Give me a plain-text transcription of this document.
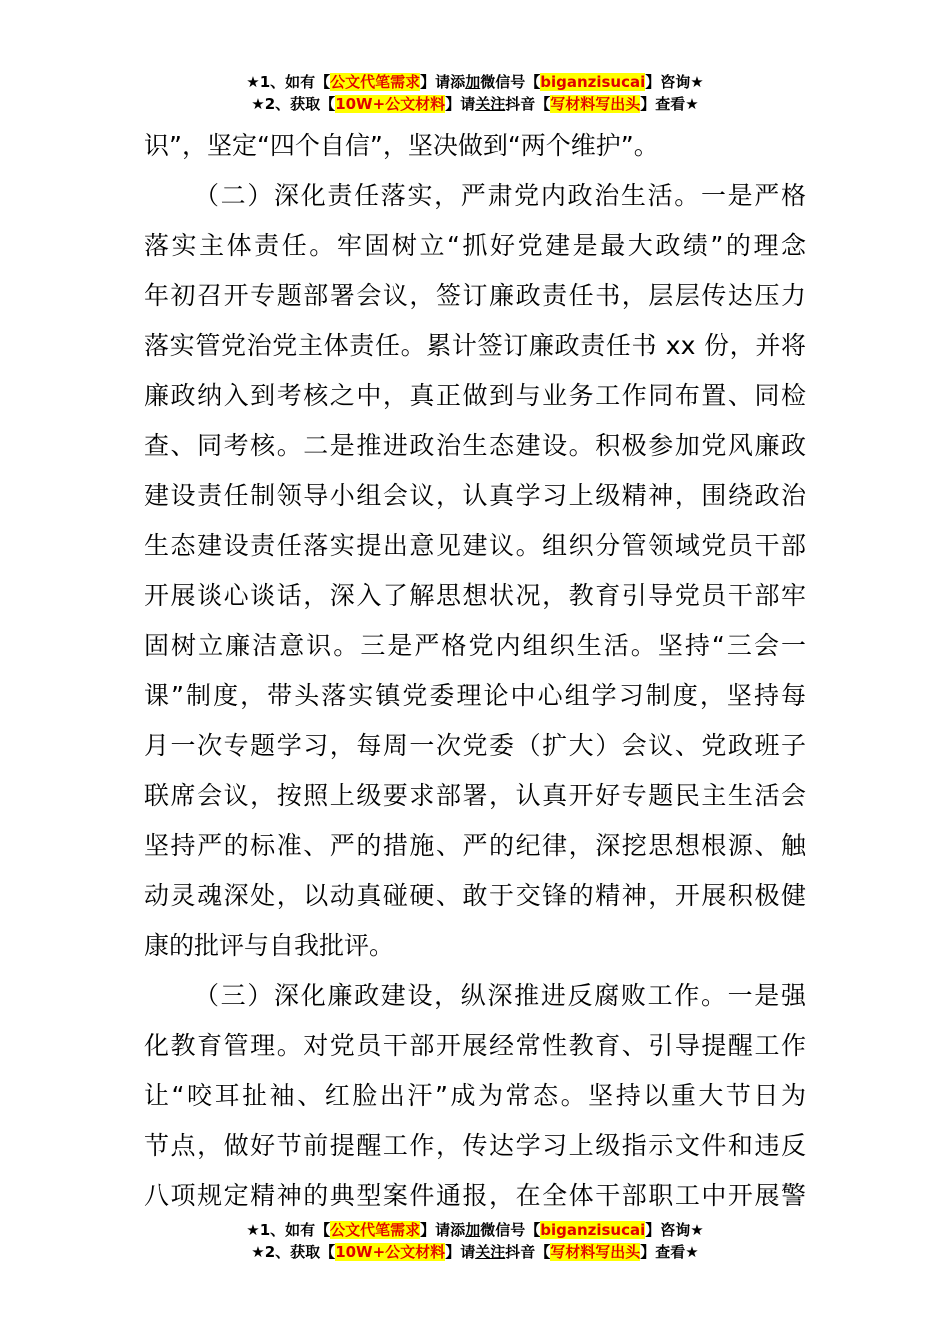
★1、如有【公文代笔需求】请添加微信号【biganzisucai】咨询★
★2、获取【10W+公文材料】请关注抖音【写材料写出头】查看★
识”，坚定“四个自信”，坚决做到“两个维护”。
（二）深化责任落实，严肃党内政治生活。一是严格
落实主体责任。牢固树立“抓好党建是最大政绩”的理念
年初召开专题部署会议，签订廉政责任书，层层传达压力
落实管党治党主体责任。累计签订廉政责任书 xx 份，并将
廉政纳入到考核之中，真正做到与业务工作同布置、同检
查、同考核。二是推进政治生态建设。积极参加党风廉政
建设责任制领导小组会议，认真学习上级精神，围绕政治
生态建设责任落实提出意见建议。组织分管领域党员干部
开展谈心谈话，深入了解思想状况，教育引导党员干部牢
固树立廉洁意识。三是严格党内组织生活。坚持“三会一
课”制度，带头落实镇党委理论中心组学习制度，坚持每
月一次专题学习，每周一次党委（扩大）会议、党政班子
联席会议，按照上级要求部署，认真开好专题民主生活会
坚持严的标准、严的措施、严的纪律，深挖思想根源、触
动灵魂深处，以动真碰硬、敢于交锋的精神，开展积极健
康的批评与自我批评。
（三）深化廉政建设，纵深推进反腐败工作。一是强
化教育管理。对党员干部开展经常性教育、引导提醒工作
让“咬耳扯袖、红脸出汗”成为常态。坚持以重大节日为
节点，做好节前提醒工作，传达学习上级指示文件和违反
八项规定精神的典型案件通报，在全体干部职工中开展警
★1、如有【公文代笔需求】请添加微信号【biganzisucai】咨询★
★2、获取【10W+公文材料】请关注抖音【写材料写出头】查看★
